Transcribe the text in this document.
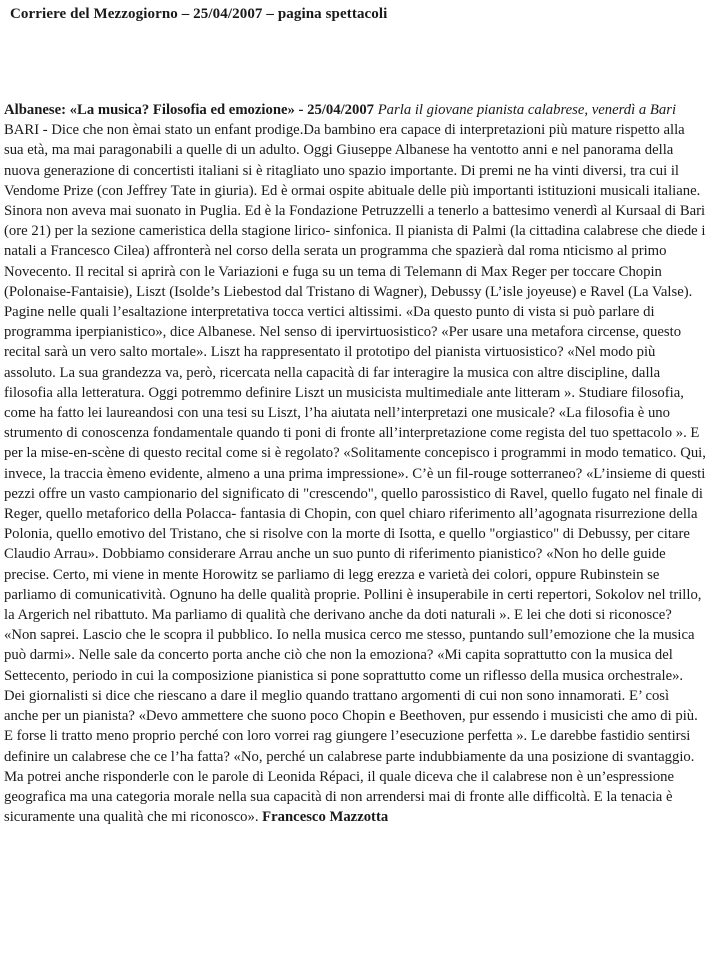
Corriere del Mezzogiorno – 25/04/2007 – pagina spettacoli
Albanese: «La musica? Filosofia ed emozione» - 25/04/2007 Parla il giovane pianista calabrese, venerdì a Bari BARI - Dice che non èmai stato un enfant prodige.Da bambino era capace di interpretazioni più mature rispetto alla sua età, ma mai paragonabili a quelle di un adulto. Oggi Giuseppe Albanese ha ventotto anni e nel panorama della nuova generazione di concertisti italiani si è ritagliato uno spazio importante. Di premi ne ha vinti diversi, tra cui il Vendome Prize (con Jeffrey Tate in giuria). Ed è ormai ospite abituale delle più importanti istituzioni musicali italiane. Sinora non aveva mai suonato in Puglia. Ed è la Fondazione Petruzzelli a tenerlo a battesimo venerdì al Kursaal di Bari (ore 21) per la sezione cameristica della stagione lirico- sinfonica. Il pianista di Palmi (la cittadina calabrese che diede i natali a Francesco Cilea) affronterà nel corso della serata un programma che spazierà dal roma nticismo al primo Novecento. Il recital si aprirà con le Variazioni e fuga su un tema di Telemann di Max Reger per toccare Chopin (Polonaise-Fantaisie), Liszt (Isolde’s Liebestod dal Tristano di Wagner), Debussy (L’isle joyeuse) e Ravel (La Valse). Pagine nelle quali l’esaltazione interpretativa tocca vertici altissimi. «Da questo punto di vista si può parlare di programma iperpianistico», dice Albanese. Nel senso di ipervirtuosistico? «Per usare una metafora circense, questo recital sarà un vero salto mortale». Liszt ha rappresentato il prototipo del pianista virtuosistico? «Nel modo più assoluto. La sua grandezza va, però, ricercata nella capacità di far interagire la musica con altre discipline, dalla filosofia alla letteratura. Oggi potremmo definire Liszt un musicista multimediale ante litteram ». Studiare filosofia, come ha fatto lei laureandosi con una tesi su Liszt, l’ha aiutata nell’interpretazi one musicale? «La filosofia è uno strumento di conoscenza fondamentale quando ti poni di fronte all’interpretazione come regista del tuo spettacolo ». E per la mise-en-scène di questo recital come si è regolato? «Solitamente concepisco i programmi in modo tematico. Qui, invece, la traccia èmeno evidente, almeno a una prima impressione». C’è un fil-rouge sotterraneo? «L’insieme di questi pezzi offre un vasto campionario del significato di "crescendo", quello parossistico di Ravel, quello fugato nel finale di Reger, quello metaforico della Polacca- fantasia di Chopin, con quel chiaro riferimento all’agognata risurrezione della Polonia, quello emotivo del Tristano, che si risolve con la morte di Isotta, e quello "orgiastico" di Debussy, per citare Claudio Arrau». Dobbiamo considerare Arrau anche un suo punto di riferimento pianistico? «Non ho delle guide precise. Certo, mi viene in mente Horowitz se parliamo di legg erezza e varietà dei colori, oppure Rubinstein se parliamo di comunicatività. Ognuno ha delle qualità proprie. Pollini è insuperabile in certi repertori, Sokolov nel trillo, la Argerich nel ribattuto. Ma parliamo di qualità che derivano anche da doti naturali ». E lei che doti si riconosce? «Non saprei. Lascio che le scopra il pubblico. Io nella musica cerco me stesso, puntando sull’emozione che la musica può darmi». Nelle sale da concerto porta anche ciò che non la emoziona? «Mi capita soprattutto con la musica del Settecento, periodo in cui la composizione pianistica si pone soprattutto come un riflesso della musica orchestrale». Dei giornalisti si dice che riescano a dare il meglio quando trattano argomenti di cui non sono innamorati. E’ così anche per un pianista? «Devo ammettere che suono poco Chopin e Beethoven, pur essendo i musicisti che amo di più. E forse li tratto meno proprio perché con loro vorrei rag giungere l’esecuzione perfetta ». Le darebbe fastidio sentirsi definire un calabrese che ce l’ha fatta? «No, perché un calabrese parte indubbiamente da una posizione di svantaggio. Ma potrei anche risponderle con le parole di Leonida Répaci, il quale diceva che il calabrese non è un’espressione geografica ma una categoria morale nella sua capacità di non arrendersi mai di fronte alle difficoltà. E la tenacia è sicuramente una qualità che mi riconosco». Francesco Mazzotta
